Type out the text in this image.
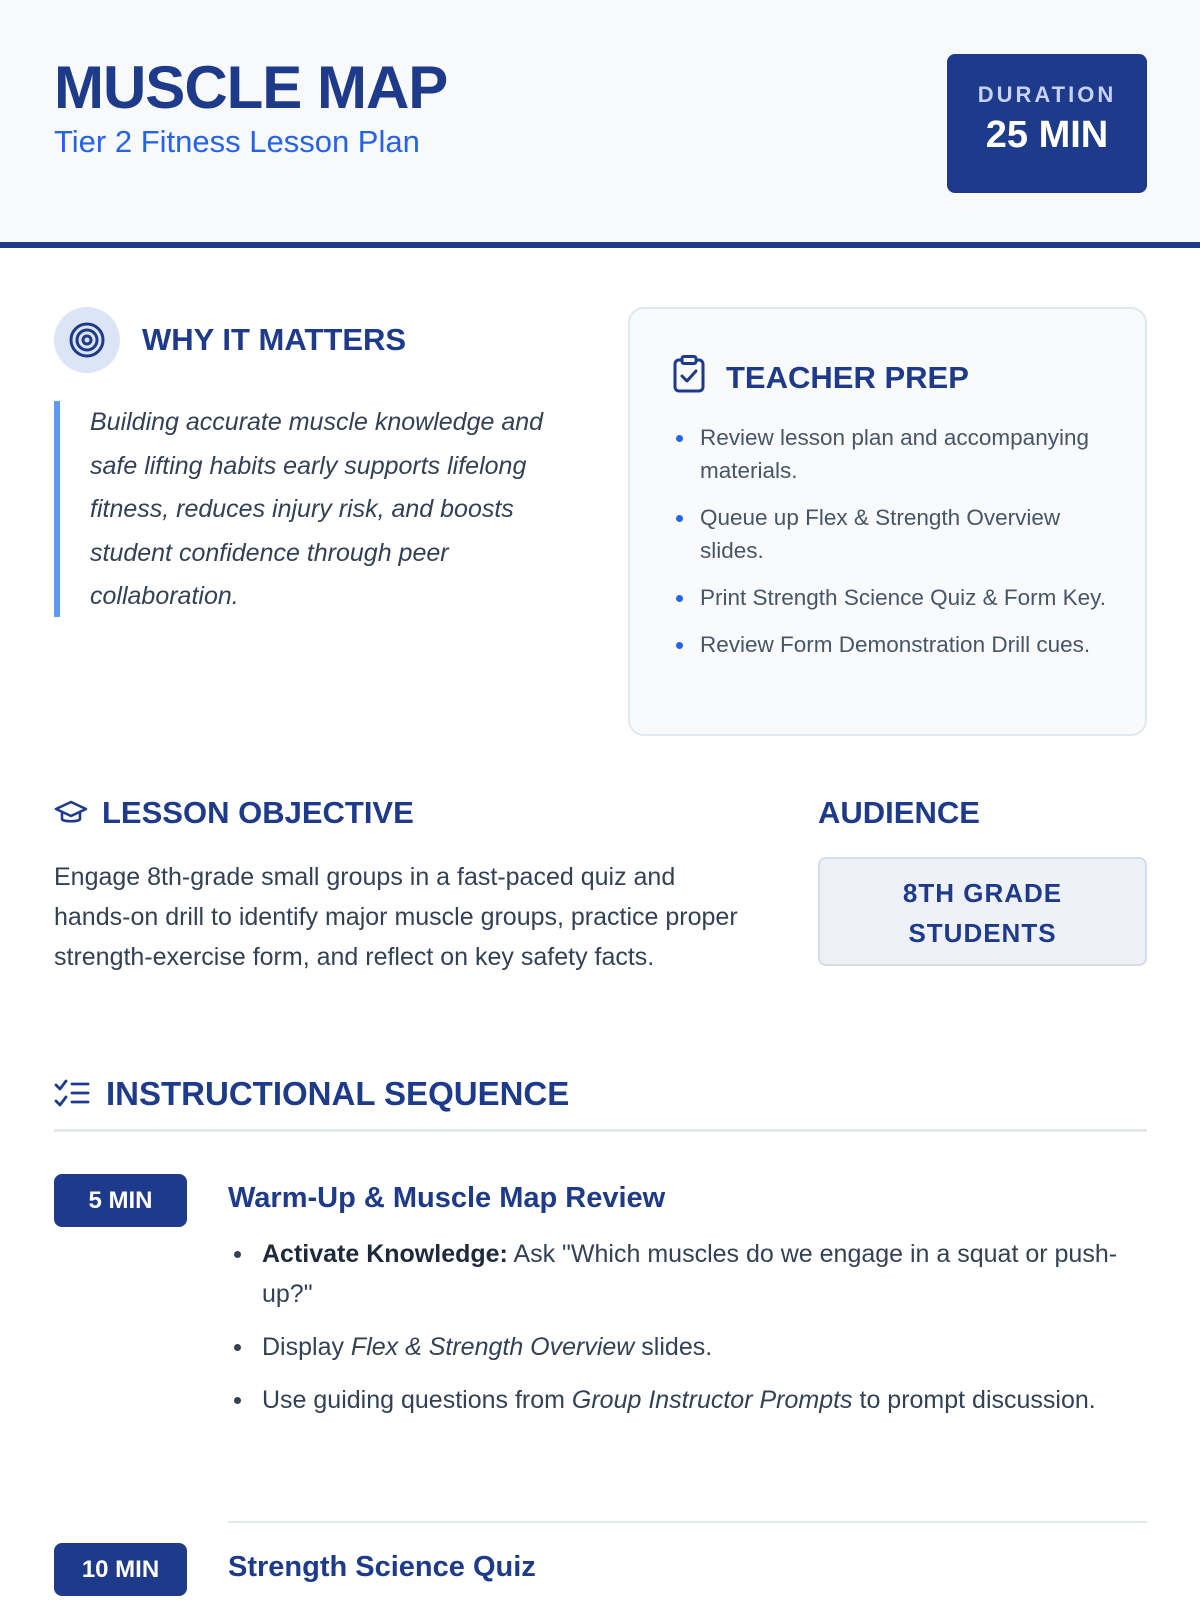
MUSCLE MAP
Tier 2 Fitness Lesson Plan
DURATION
25 MIN
WHY IT MATTERS
Building accurate muscle knowledge and safe lifting habits early supports lifelong fitness, reduces injury risk, and boosts student confidence through peer collaboration.
TEACHER PREP
Review lesson plan and accompanying materials.
Queue up Flex & Strength Overview slides.
Print Strength Science Quiz & Form Key.
Review Form Demonstration Drill cues.
LESSON OBJECTIVE
Engage 8th-grade small groups in a fast-paced quiz and hands-on drill to identify major muscle groups, practice proper strength-exercise form, and reflect on key safety facts.
AUDIENCE
8TH GRADE
STUDENTS
INSTRUCTIONAL SEQUENCE
5 MIN	Warm-Up & Muscle Map Review
Activate Knowledge: Ask "Which muscles do we engage in a squat or push-up?"
Display Flex & Strength Overview slides.
Use guiding questions from Group Instructor Prompts to prompt discussion.
10 MIN	Strength Science Quiz
